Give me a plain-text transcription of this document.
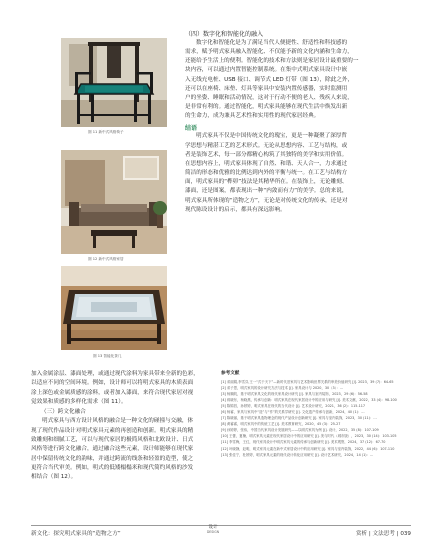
图 11 新中式风格椅子
图 12 新中式风格家居
图 13 智能化茶几
（四）数字化和智能化的融入
数字化和智能化是为了满足当代人便捷性、舒适性和科技感的
需求，赋予明式家具融入智能化、不仅能予新的文化内涵和生命力，
还能给予生活上的便利。智能化的技术和方法则是家居设计最重要的一
块内容，可以通过内置智能控制系统。在集中式明式家具设计中嵌
入无线充电桩、USB 接口、调节式 LED 灯带（图 13），除此之外，
还可以在座椅、床垫、灯具等家具中安装内置传感器，实时监测用
户的坐姿、睡眠和活动情况，这对于行动不便的老人、残疾人来说，
是非常有利的。通过智能化，明式家具能够在现代生活中焕发出新
的生命力，成为兼具艺术性和实用性的现代家居经典。
结语
明式家具不仅是中国传统文化的瑰宝，更是一种凝聚了深厚哲
学思想与精湛工艺的艺术形式。无论从思想内容、工艺与结构，或
者是装饰艺术，每一部分都精心构筑了其独特的美学和实用价值。
在思想内容上，明式家具体现了自然、和谐、天人合一，力求通过
简洁的形态和优雅的比例达到内外的平衡与统一。在工艺与结构方
面，明式家具的“榫卯”技法是其精华所在。在装饰上，无论雕刻、
漆面，还是图案，都表现出一种“内敛而有力”的美学。总的来说，
明式家具所体现的“造物之方”，无论是对传统文化的传承，还是对
现代陈设设计的启示，都具有深远影响。
加入金属涂层、漆面处理，或通过现代涂料为家具带来全新的色彩，
以适应不同的空间环境。例如，设计师可以将明式家具的木质表面
涂上深色或金属质感的涂料，或者加入漆面，来符合现代家居对视
觉效果和质感的多样化需求（图 11）。
（三）跨文化融合
明式家具与西方设计风格的融合是一种文化的碰撞与交融，体
现了现代作品设计对明式家具元素的再创造和创新。明式家具的精
致雕刻和细腻工艺，可以与现代家居的极简风格和北欧设计、日式
风格等进行跨文化融合，通过融合这些元素，设计师能够在现代家
居中保留传统文化的韵味，并通过跨流的线条和轻盈的造型，使之
更符合当代审美。例如，明式的低矮榻榻米和现代简约风格的沙发
相结合（图 12）。
参考文献
[1] 邓丽娟,李雪芬,王一“式于天下”—新时代旧家具与艺术影响世界关系的审美价值研究 [J]. 2023，39 (7)：64-65
[2] 邓子思，明式家具的设计研究方法与技术 [J]. 家具设计与 2020，30（3）：...
[3] 杨顺皖，基于明式家具文化的现代家具设计研究 [J]. 家具与室内装饰，2023，29 (6)：56-58
[4] 蒋晓东，杨晓燕，传承与创新：明式家具在现代家居设计中的应用与研究 [J]. 美术文献，2022，33 (4)：98-100
[5] 陈锦昌，孙婷婷，明式家具在现代的当代设计 [J]. 艺术设计研究，2021，36 (2)：115-117
[6] 杨睿，家具与家具中“造”与“作”的关系学研究 [J]. 文化遗产传承与创新，2024，40 (1)：...
[7] 陈晓丽，基于明式家具造物理念的现代产品设计创新研究 [J]. 家具与室内装饰，2023，30 (11)：...
[8] 黄睿睿，明式家具中的传统工艺 [J]. 美术教育研究，2020，45 (3)：25-27
[9] 孙婷婷，张伟，中国当代家具设计发展研究——以明式家具为例 [J]. 设计，2022，35 (8)：107-109
[10] 王蕾，夏楠，明式家具元素在现代家居设计中的应用研究 [J]. 美与时代（城市版），2023，30 (14)：103-105
[11] 李雪梅，王红，现代家具设计中明式家具元素的传承与创新研究 [J]. 美术观察，2024，37 (12)：67-70
[12] 叶晓静，赵明，明式家具元素在新中式家居设计中的应用研究 [J]. 家具与室内装饰，2022，44 (6)：107-110
[13] 张佳宁，杜婷婷，明式家具元素的现代设计转化应用研究 [J]. 设计艺术研究，2024，14 (1)：...
新文化：探究明式家具的“造物之方”
设计
DESIGN	赏析 | 文法思考 | 039
